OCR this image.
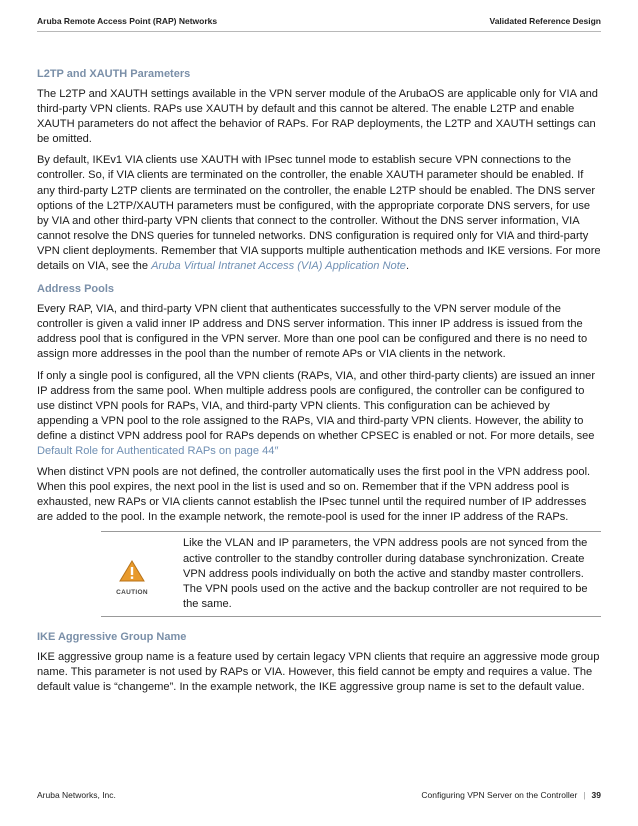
Aruba Remote Access Point (RAP) Networks	Validated Reference Design
L2TP and XAUTH Parameters

The L2TP and XAUTH settings available in the VPN server module of the ArubaOS are applicable only for VIA and third-party VPN clients. RAPs use XAUTH by default and this cannot be altered. The enable L2TP and enable XAUTH parameters do not affect the behavior of RAPs. For RAP deployments, the L2TP and XAUTH settings can be omitted.

By default, IKEv1 VIA clients use XAUTH with IPsec tunnel mode to establish secure VPN connections to the controller. So, if VIA clients are terminated on the controller, the enable XAUTH parameter should be enabled. If any third-party L2TP clients are terminated on the controller, the enable L2TP should be enabled. The DNS server options of the L2TP/XAUTH parameters must be configured, with the appropriate corporate DNS servers, for use by VIA and other third-party VPN clients that connect to the controller. Without the DNS server information, VIA cannot resolve the DNS queries for tunneled networks. DNS configuration is required only for VIA and third-party VPN client deployments. Remember that VIA supports multiple authentication methods and IKE versions. For more details on VIA, see the Aruba Virtual Intranet Access (VIA) Application Note.

Address Pools

Every RAP, VIA, and third-party VPN client that authenticates successfully to the VPN server module of the controller is given a valid inner IP address and DNS server information. This inner IP address is issued from the address pool that is configured in the VPN server. More than one pool can be configured and there is no need to assign more addresses in the pool than the number of remote APs or VIA clients in the network.

If only a single pool is configured, all the VPN clients (RAPs, VIA, and other third-party clients) are issued an inner IP address from the same pool. When multiple address pools are configured, the controller can be configured to use distinct VPN pools for RAPs, VIA, and third-party VPN clients. This configuration can be achieved by appending a VPN pool to the role assigned to the RAPs, VIA and third-party VPN clients. However, the ability to define a distinct VPN address pool for RAPs depends on whether CPSEC is enabled or not. For more details, see Default Role for Authenticated RAPs on page 44″

When distinct VPN pools are not defined, the controller automatically uses the first pool in the VPN address pool. When this pool expires, the next pool in the list is used and so on. Remember that if the VPN address pool is exhausted, new RAPs or VIA clients cannot establish the IPsec tunnel until the required number of IP addresses are added to the pool. In the example network, the remote-pool is used for the inner IP address of the RAPs.

CAUTION
Like the VLAN and IP parameters, the VPN address pools are not synced from the active controller to the standby controller during database synchronization. Create VPN address pools individually on both the active and standby master controllers. The VPN pools used on the active and the backup controller are not required to be the same.
IKE Aggressive Group Name

IKE aggressive group name is a feature used by certain legacy VPN clients that require an aggressive mode group name. This parameter is not used by RAPs or VIA. However, this field cannot be empty and requires a value. The default value is “changeme”. In the example network, the IKE aggressive group name is set to the default value.

Aruba Networks, Inc.	Configuring VPN Server on the Controller | 39
